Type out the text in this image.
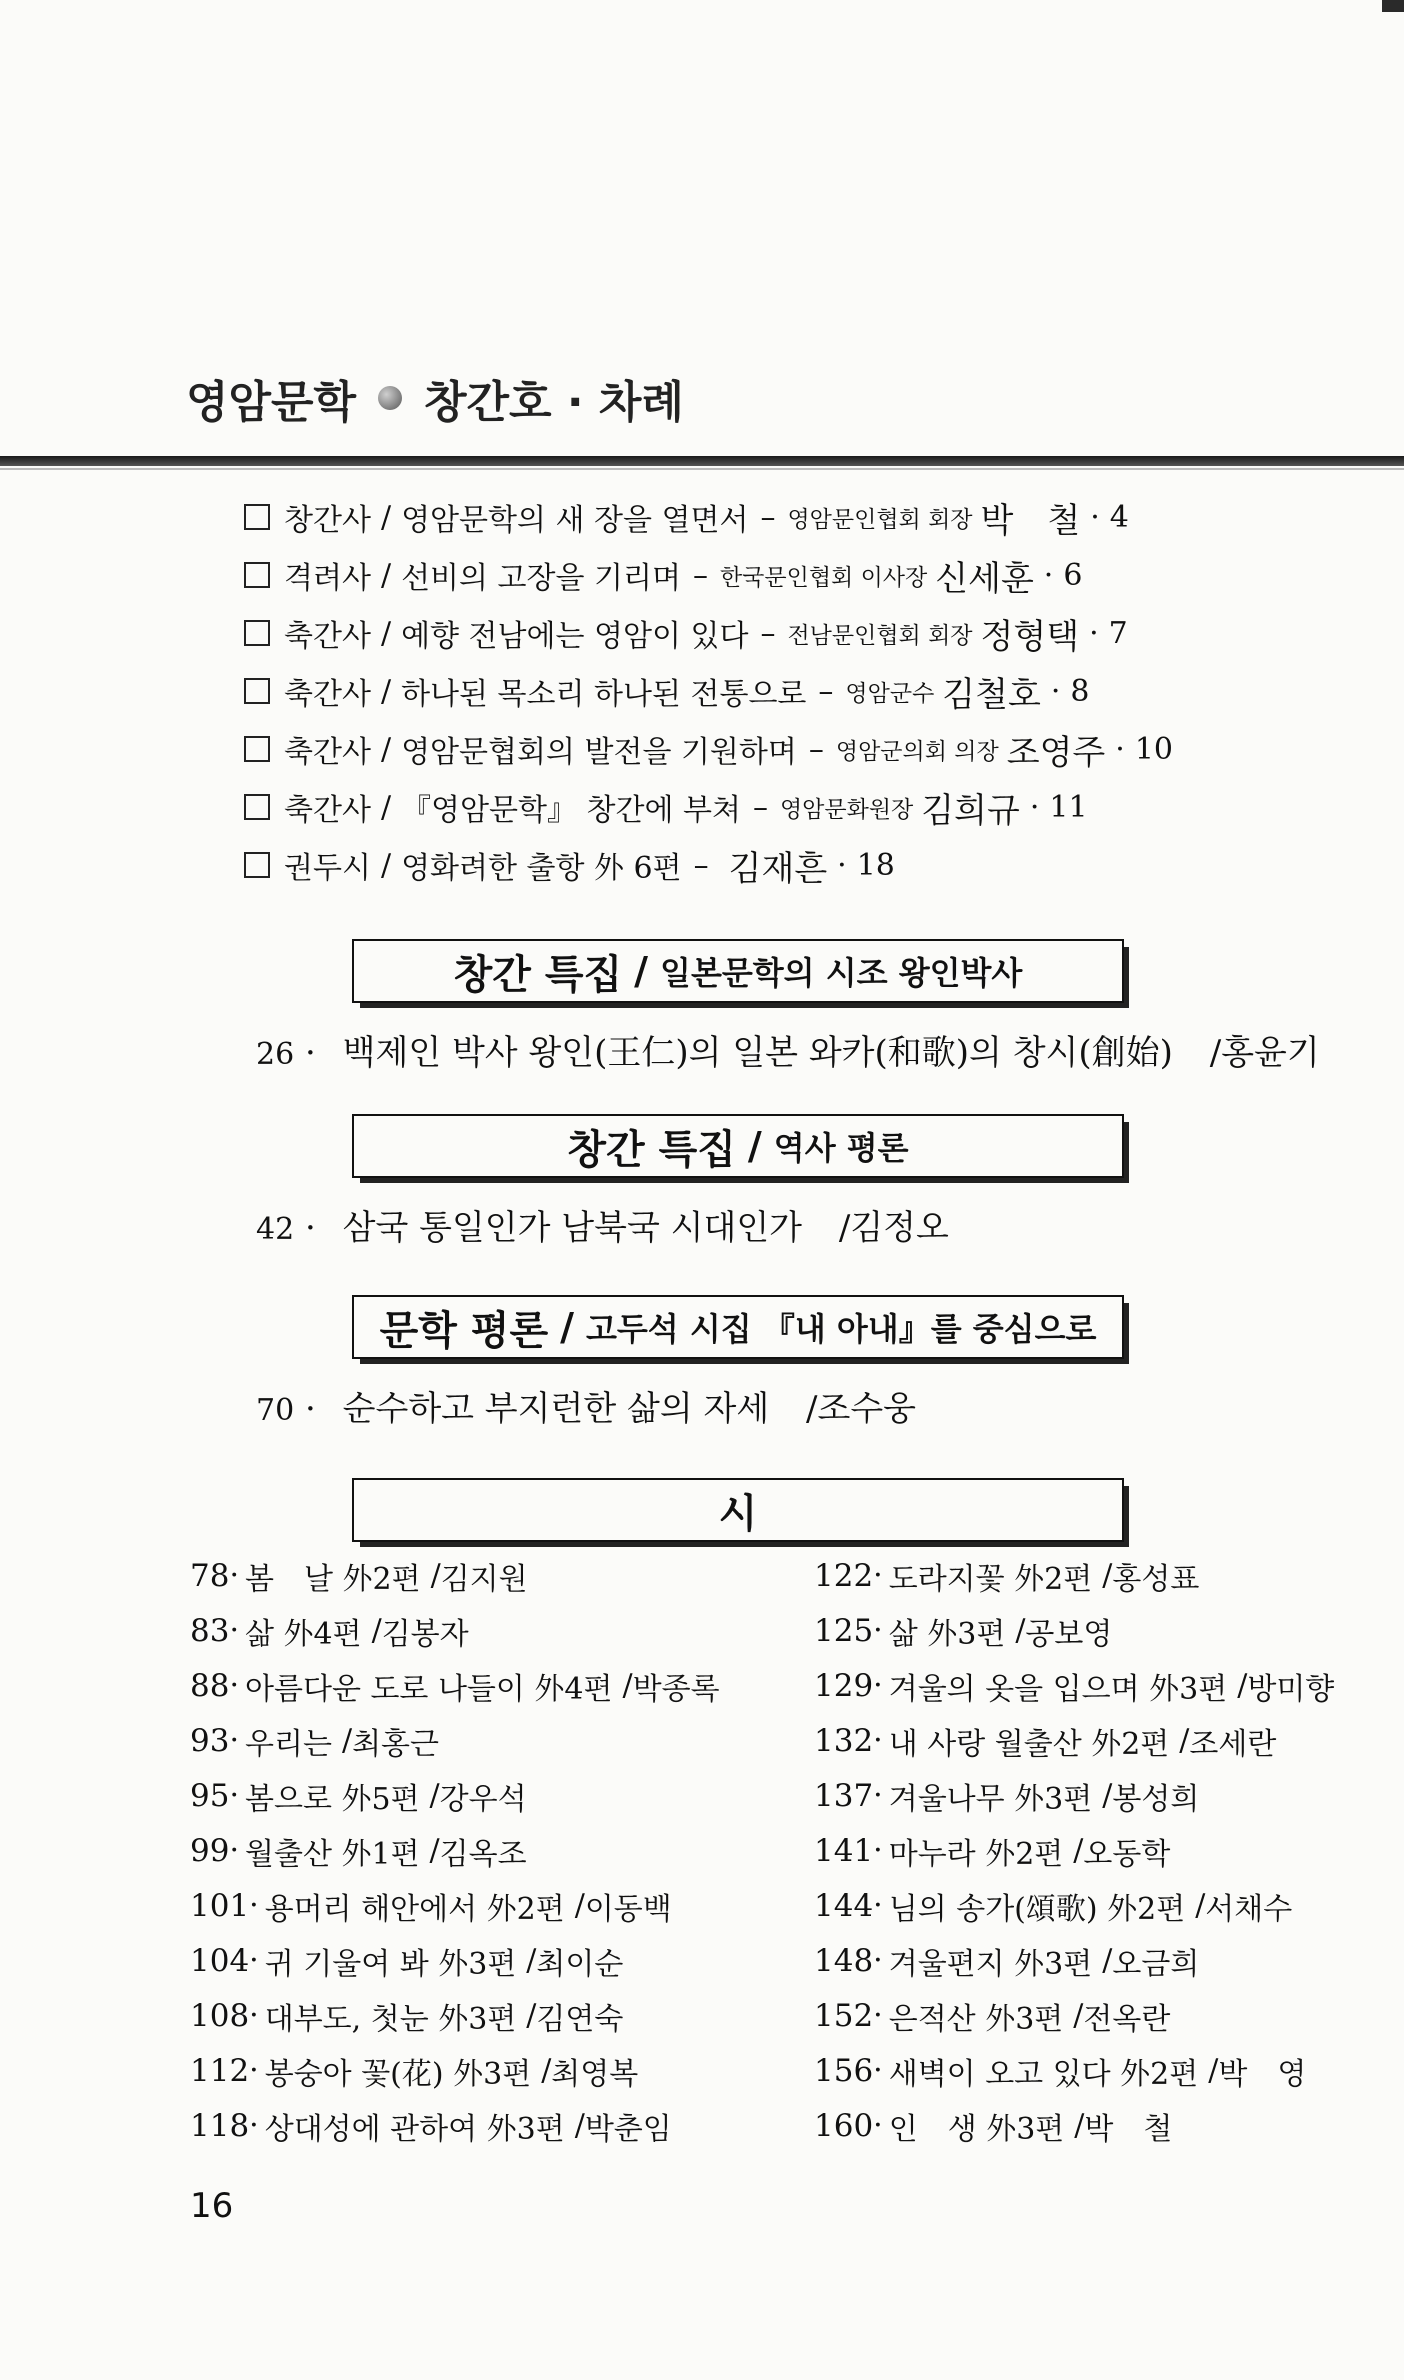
영암문학 창간호 · 차례
창간사 / 영암문학의 새 장을 열면서 – 영암문인협회 회장 박　철 · 4
격려사 / 선비의 고장을 기리며 – 한국문인협회 이사장 신세훈 · 6
축간사 / 예향 전남에는 영암이 있다 – 전남문인협회 회장 정형택 · 7
축간사 / 하나된 목소리 하나된 전통으로 – 영암군수 김철호 · 8
축간사 / 영암문협회의 발전을 기원하며 – 영암군의회 의장 조영주 · 10
축간사 / 『영암문학』 창간에 부쳐 – 영암문화원장 김희규 · 11
권두시 / 영화려한 출항 外 6편 – 김재흔 · 18
창간 특집 / 일본문학의 시조 왕인박사
26 · 백제인 박사 왕인(王仁)의 일본 와카(和歌)의 창시(創始) /홍윤기
창간 특집 / 역사 평론
42 · 삼국 통일인가 남북국 시대인가 /김정오
문학 평론 / 고두석 시집 『내 아내』를 중심으로
70 · 순수하고 부지런한 삶의 자세 /조수웅
시
78 · 봄　날 外2편 / 김지원
83 · 삶 外4편 / 김봉자
88 · 아름다운 도로 나들이 外4편 / 박종록
93 · 우리는 / 최홍근
95 · 봄으로 外5편 / 강우석
99 · 월출산 外1편 / 김옥조
101 · 용머리 해안에서 外2편 / 이동백
104 · 귀 기울여 봐 外3편 / 최이순
108 · 대부도, 첫눈 外3편 / 김연숙
112 · 봉숭아 꽃(花) 外3편 / 최영복
118 · 상대성에 관하여 外3편 / 박춘임
122 · 도라지꽃 外2편 / 홍성표
125 · 삶 外3편 / 공보영
129 · 겨울의 옷을 입으며 外3편 / 방미향
132 · 내 사랑 월출산 外2편 / 조세란
137 · 겨울나무 外3편 / 봉성희
141 · 마누라 外2편 / 오동학
144 · 님의 송가(頌歌) 外2편 / 서채수
148 · 겨울편지 外3편 / 오금희
152 · 은적산 外3편 / 전옥란
156 · 새벽이 오고 있다 外2편 / 박　영
160 · 인　생 外3편 / 박　철
16
